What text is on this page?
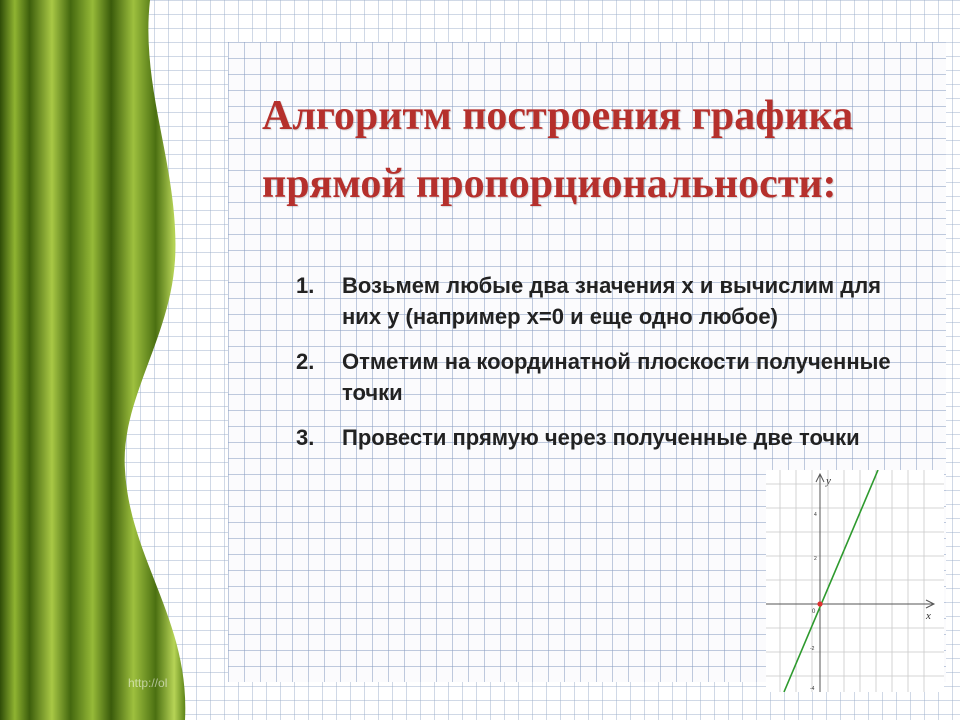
Алгоритм построения графика
прямой пропорциональности:
1.	Возьмем любые два значения х и вычислим для них у (например х=0 и еще одно любое)
2.	Отметим на координатной плоскости полученные точки
3.	Провести прямую через полученные две точки
y
x
0
4
2
-2
-4
http://ol
